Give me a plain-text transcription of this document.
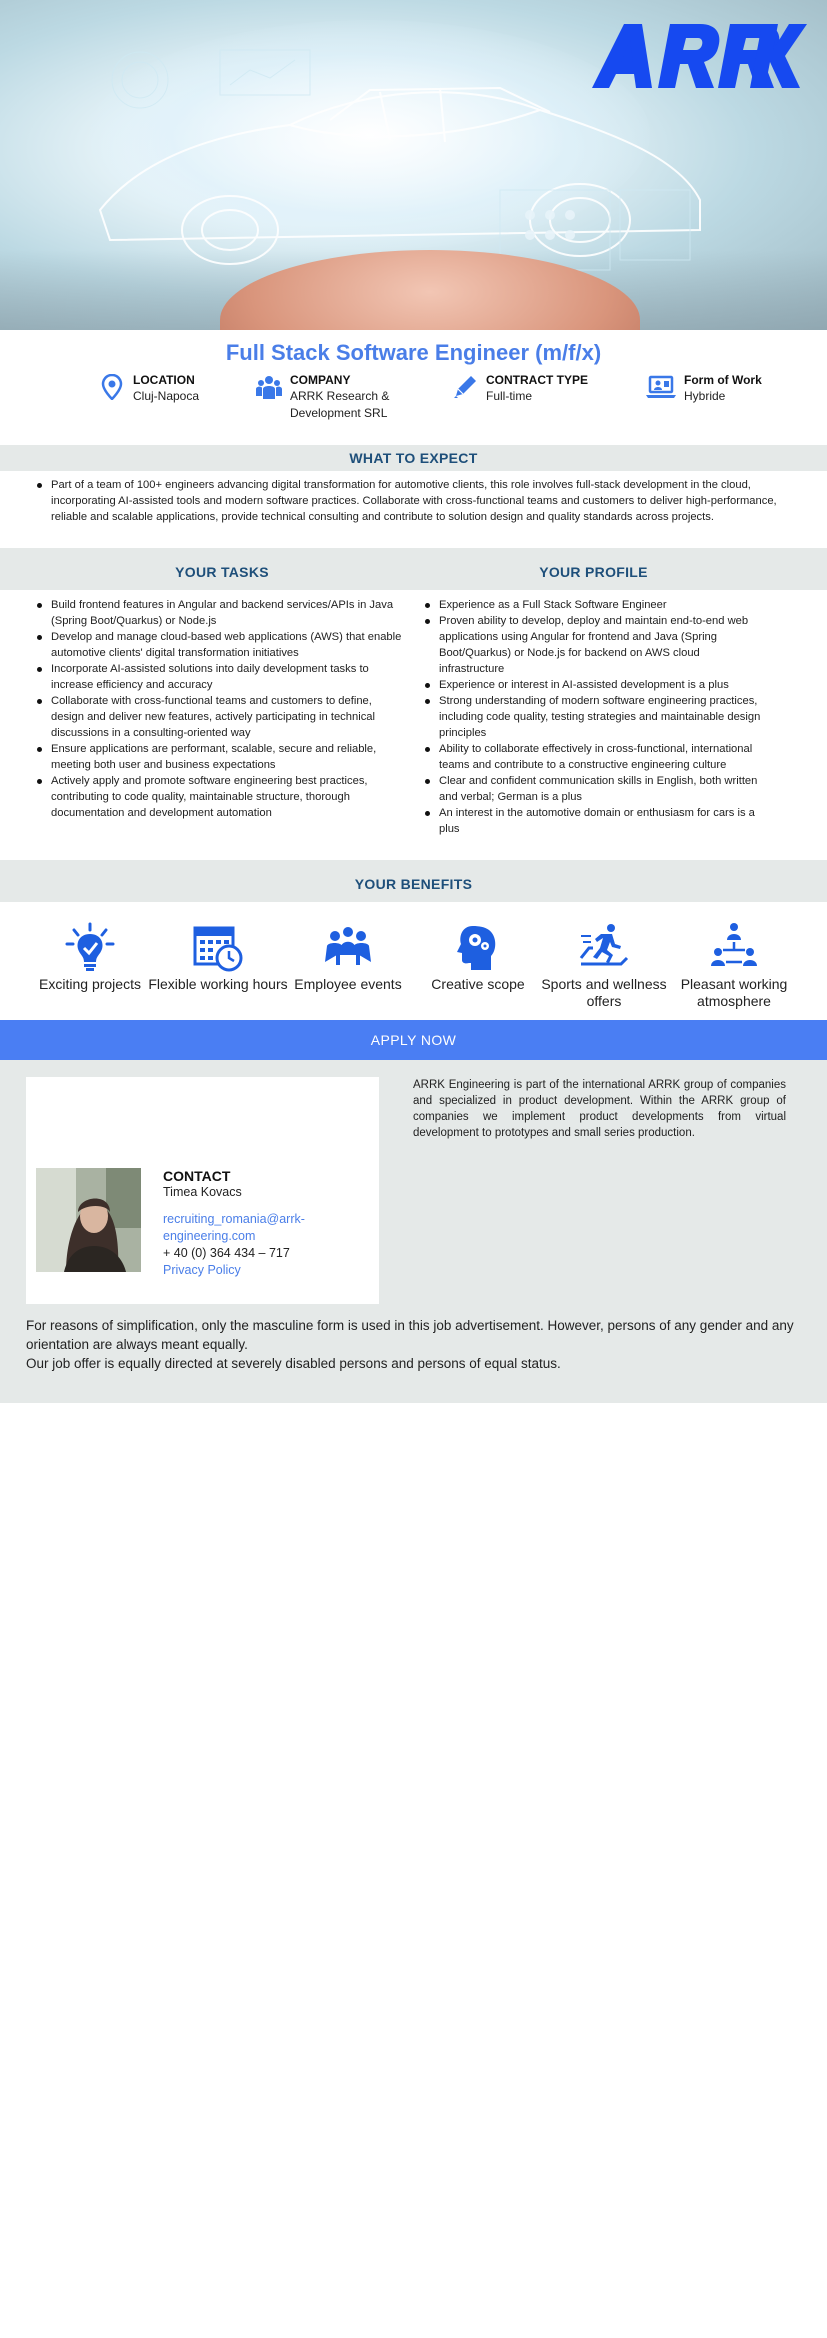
Full Stack Software Engineer (m/f/x)
LOCATION
Cluj-Napoca
COMPANY
ARRK Research & Development SRL
CONTRACT TYPE
Full-time
Form of Work
Hybride
WHAT TO EXPECT
Part of a team of 100+ engineers advancing digital transformation for automotive clients, this role involves full-stack development in the cloud, incorporating AI-assisted tools and modern software practices. Collaborate with cross-functional teams and customers to deliver high-performance, reliable and scalable applications, provide technical consulting and contribute to solution design and quality standards across projects.
YOUR TASKS	YOUR PROFILE
Build frontend features in Angular and backend services/APIs in Java (Spring Boot/Quarkus) or Node.js
Develop and manage cloud-based web applications (AWS) that enable automotive clients' digital transformation initiatives
Incorporate AI-assisted solutions into daily development tasks to increase efficiency and accuracy
Collaborate with cross-functional teams and customers to define, design and deliver new features, actively participating in technical discussions in a consulting-oriented way
Ensure applications are performant, scalable, secure and reliable, meeting both user and business expectations
Actively apply and promote software engineering best practices, contributing to code quality, maintainable structure, thorough documentation and development automation
Experience as a Full Stack Software Engineer
Proven ability to develop, deploy and maintain end-to-end web applications using Angular for frontend and Java (Spring Boot/Quarkus) or Node.js for backend on AWS cloud infrastructure
Experience or interest in AI-assisted development is a plus
Strong understanding of modern software engineering practices, including code quality, testing strategies and maintainable design principles
Ability to collaborate effectively in cross-functional, international teams and contribute to a constructive engineering culture
Clear and confident communication skills in English, both written and verbal; German is a plus
An interest in the automotive domain or enthusiasm for cars is a plus
YOUR BENEFITS
Exciting projects Flexible working hours Employee events	Creative scope	Sports and wellness offers
Pleasant working atmosphere
APPLY NOW
CONTACT
Timea Kovacs
recruiting_romania@arrk-engineering.com
+ 40 (0) 364 434 – 717
Privacy Policy
ARRK Engineering is part of the international ARRK group of companies and specialized in product development. Within the ARRK group of companies we implement product developments from virtual development to prototypes and small series production.
For reasons of simplification, only the masculine form is used in this job advertisement. However, persons of any gender and any orientation are always meant equally.
Our job offer is equally directed at severely disabled persons and persons of equal status.
